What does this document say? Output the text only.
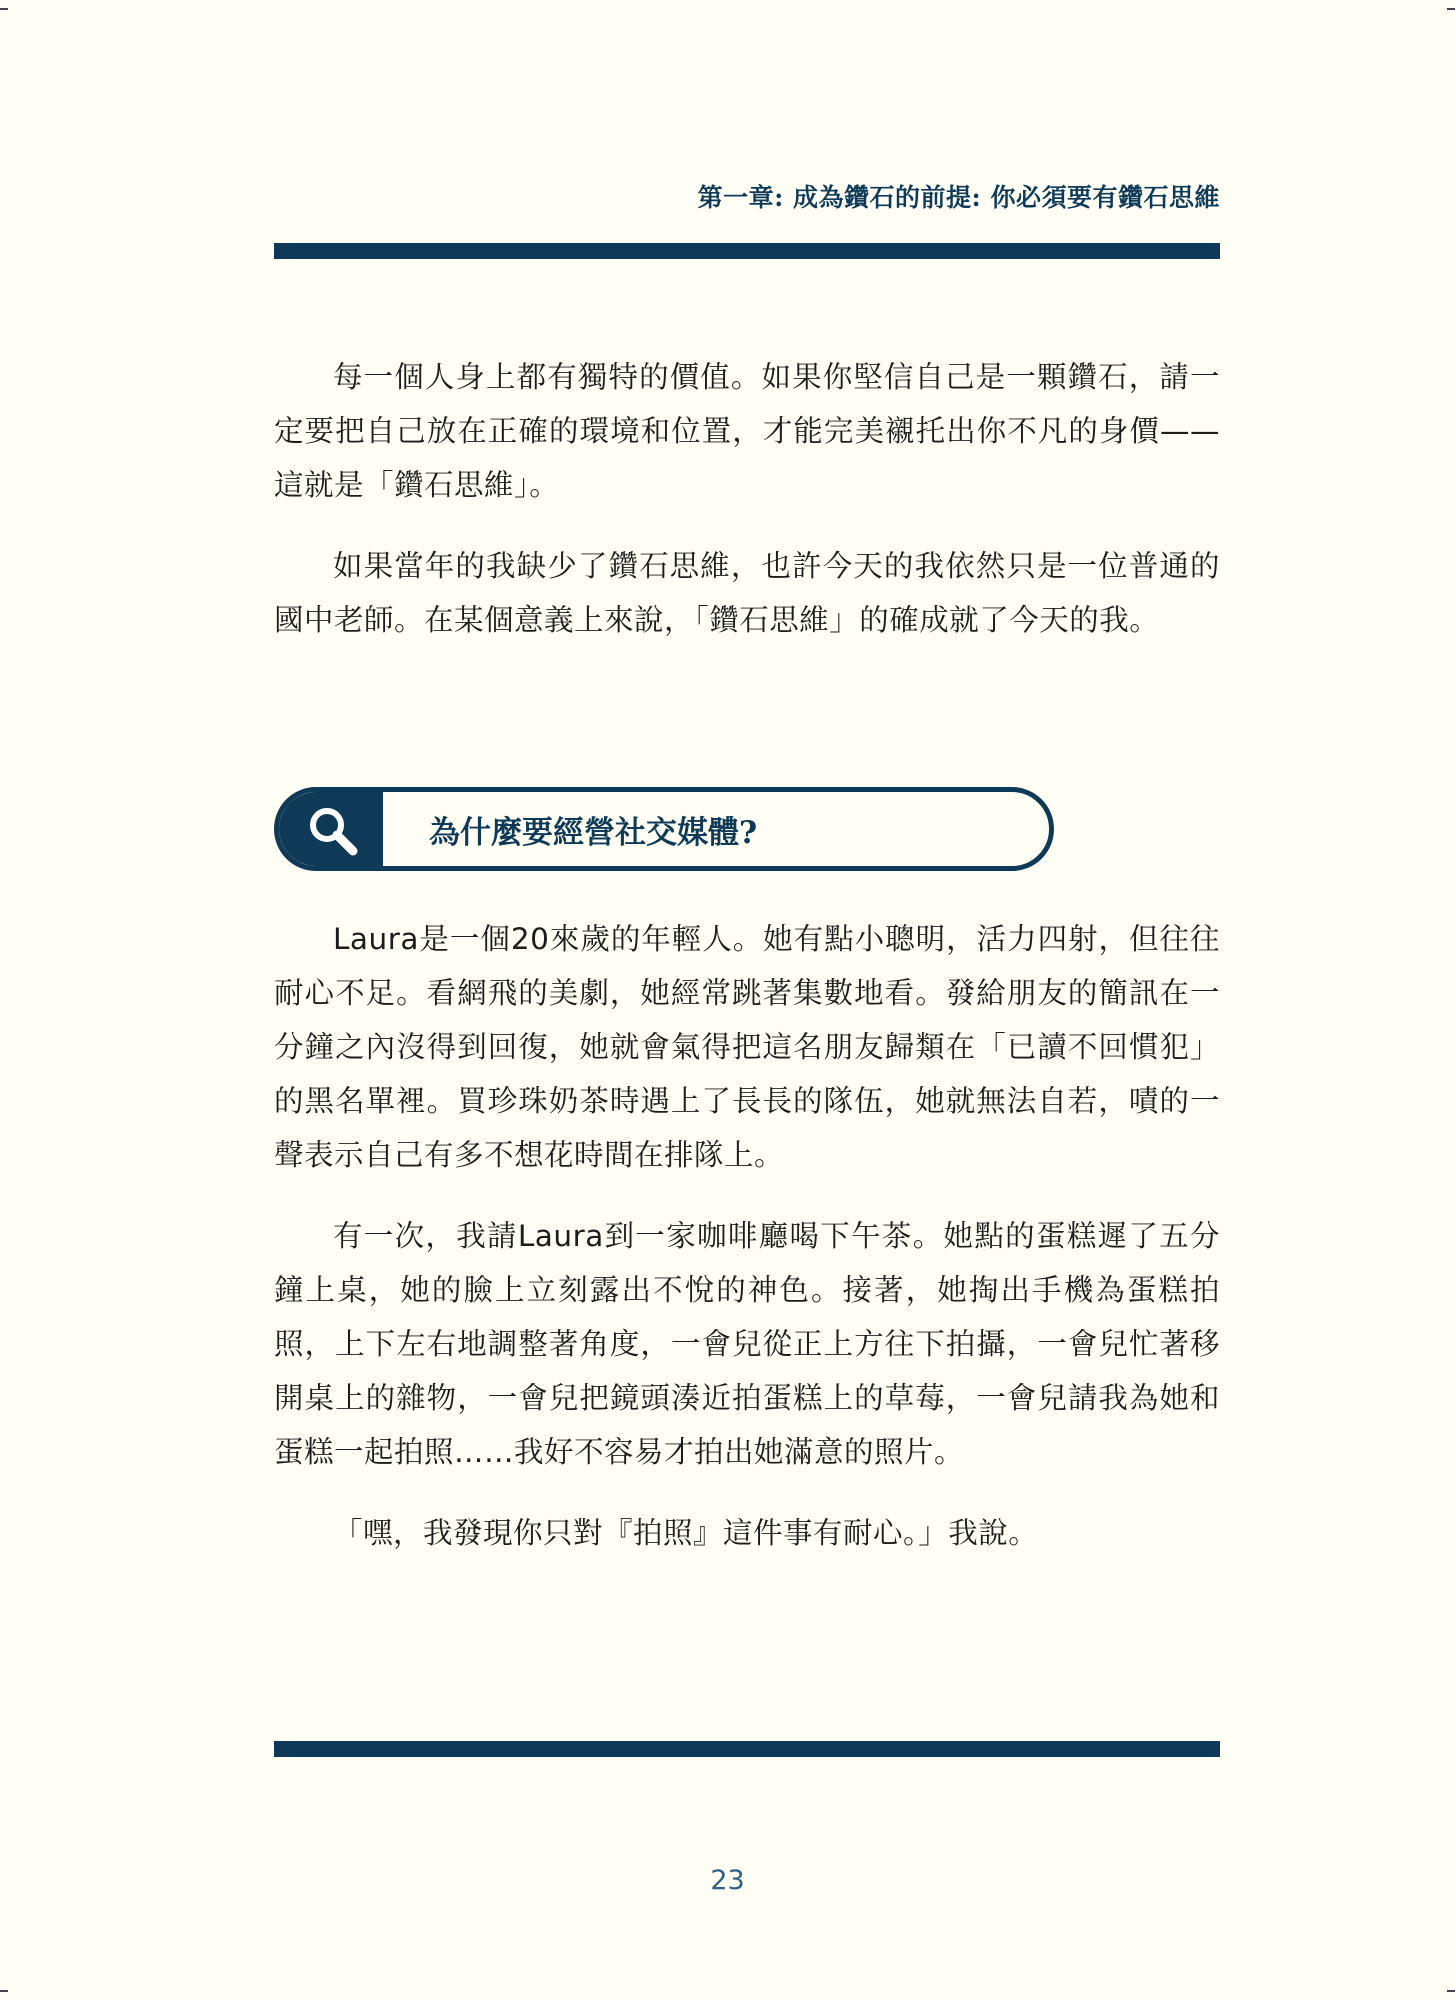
第一章: 成為鑽石的前提: 你必須要有鑽石思維

每一個人身上都有獨特的價值。如果你堅信自己是一顆鑽石，請一定要把自己放在正確的環境和位置，才能完美襯托出你不凡的身價——這就是「鑽石思維」。

如果當年的我缺少了鑽石思維，也許今天的我依然只是一位普通的國中老師。在某個意義上來說，「鑽石思維」的確成就了今天的我。

為什麼要經營社交媒體?

Laura是一個20來歲的年輕人。她有點小聰明，活力四射，但往往耐心不足。看網飛的美劇，她經常跳著集數地看。發給朋友的簡訊在一分鐘之內沒得到回復，她就會氣得把這名朋友歸類在「已讀不回慣犯」的黑名單裡。買珍珠奶茶時遇上了長長的隊伍，她就無法自若，嘖的一聲表示自己有多不想花時間在排隊上。

有一次，我請Laura到一家咖啡廳喝下午茶。她點的蛋糕遲了五分鐘上桌，她的臉上立刻露出不悅的神色。接著，她掏出手機為蛋糕拍照，上下左右地調整著角度，一會兒從正上方往下拍攝，一會兒忙著移開桌上的雜物，一會兒把鏡頭湊近拍蛋糕上的草莓，一會兒請我為她和蛋糕一起拍照……我好不容易才拍出她滿意的照片。

「嘿，我發現你只對『拍照』這件事有耐心。」我說。

23
